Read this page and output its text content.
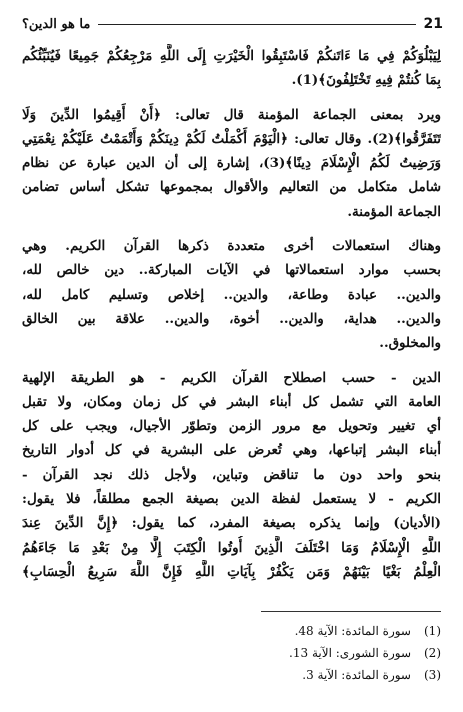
ما هو الدين؟	21
لِيَبْلُوَكُمْ فِي مَا ءَاتَنكُمْ فَاسْتَبِقُوا الْخَيْرَتِ إِلَى اللَّهِ مَرْجِعُكُمْ جَمِيعًا فَيُنَبِّئُكُم
بِمَا كُنتُمْ فِيهِ تَخْتَلِفُونَ﴾(1).
ويرد بمعنى الجماعة المؤمنة قال تعالى: ﴿أَنْ أَقِيمُوا الدِّينَ وَلَا
تَتَفَرَّقُوا﴾(2). وقال تعالى: ﴿الْيَوْمَ أَكْمَلْتُ لَكُمْ دِينَكُمْ وَأَتْمَمْتُ عَلَيْكُمْ نِعْمَتِي
وَرَضِيتُ لَكُمُ الْإِسْلَامَ دِينًا﴾(3)، إشارة إلى أن الدين عبارة عن نظام
شامل متكامل من التعاليم والأقوال بمجموعها تشكل أساس تضامن
الجماعة المؤمنة.
وهناك استعمالات أخرى متعددة ذكرها القرآن الكريم. وهي
بحسب موارد استعمالاتها في الآيات المباركة.. دين خالص لله،
والدين.. عبادة وطاعة، والدين.. إخلاص وتسليم كامل لله،
والدين.. هداية، والدين.. أخوة، والدين.. علاقة بين الخالق
والمخلوق..
الدين - حسب اصطلاح القرآن الكريم - هو الطريقة الإلهية
العامة التي تشمل كل أبناء البشر في كل زمان ومكان، ولا تقبل
أي تغيير وتحويل مع مرور الزمن وتطوّر الأجيال، ويجب على كل
أبناء البشر إتباعها، وهي تُعرض على البشرية في كل أدوار التاريخ
بنحو واحد دون ما تناقض وتباين، ولأجل ذلك نجد القرآن -
الكريم - لا يستعمل لفظة الدين بصيغة الجمع مطلقاً، فلا يقول:
(الأديان) وإنما يذكره بصيغة المفرد، كما يقول: ﴿إِنَّ الدِّينَ عِندَ
اللَّهِ الْإِسْلَامُ وَمَا اخْتَلَفَ الَّذِينَ أُوتُوا الْكِتَبَ إِلَّا مِنْ بَعْدِ مَا جَاءَهُمُ
الْعِلْمُ بَغْيًا بَيْنَهُمْ وَمَن يَكْفُرْ بِآيَاتِ اللَّهِ فَإِنَّ اللَّهَ سَرِيعُ الْحِسَابِ﴾
(1)
سورة المائدة: الآية 48.
(2)
سورة الشورى: الآية 13.
(3)
سورة المائدة: الآية 3.
